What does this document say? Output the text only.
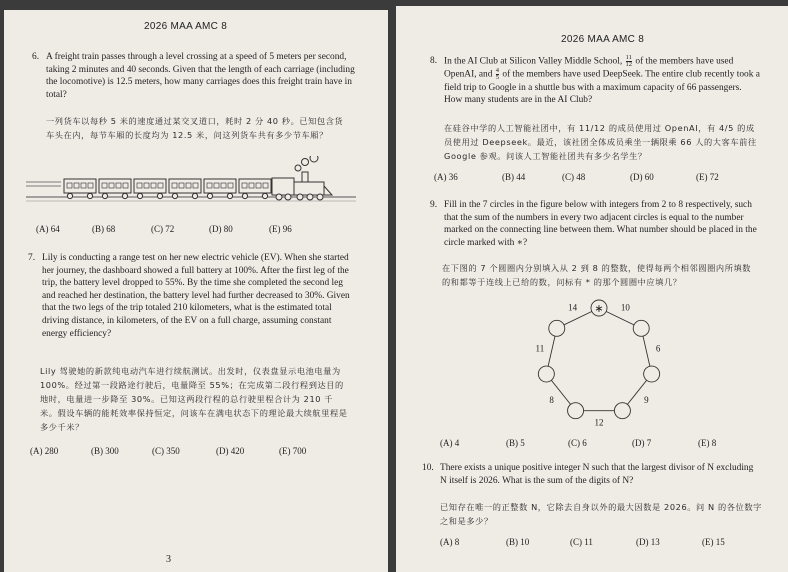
2026 MAA AMC 8
6. A freight train passes through a level crossing at a speed of 5 meters per second, taking 2 minutes and 40 seconds. Given that the length of each carriage (including the locomotive) is 12.5 meters, how many carriages does this freight train have in total?
一列货车以每秒 5 米的速度通过某交叉道口，耗时 2 分 40 秒。已知包含货车头在内，每节车厢的长度均为 12.5 米，问这列货车共有多少节车厢？
(A) 64	(B) 68	(C) 72	(D) 80	(E) 96
7. Lily is conducting a range test on her new electric vehicle (EV). When she started her journey, the dashboard showed a full battery at 100%. After the first leg of the trip, the battery level dropped to 55%. By the time she completed the second leg and reached her destination, the battery level had further decreased to 30%. Given that the two legs of the trip totaled 210 kilometers, what is the estimated total driving distance, in kilometers, of the EV on a full charge, assuming constant energy efficiency?
Lily 驾驶她的新款纯电动汽车进行续航测试。出发时，仪表盘显示电池电量为 100%。经过第一段路途行驶后，电量降至 55%；在完成第二段行程到达目的地时，电量进一步降至 30%。已知这两段行程的总行驶里程合计为 210 千米。假设车辆的能耗效率保持恒定，问该车在满电状态下的理论最大续航里程是多少千米？
(A) 280	(B) 300	(C) 350	(D) 420	(E) 700
3
2026 MAA AMC 8
8. In the AI Club at Silicon Valley Middle School, $\frac{11}{12}$ of the members have used OpenAI, and $\frac{4}{5}$ of the members have used DeepSeek. The entire club recently took a field trip to Google in a shuttle bus with a maximum capacity of 66 passengers. How many students are in the AI Club?
在硅谷中学的人工智能社团中，有 11/12 的成员使用过 OpenAI，有 4/5 的成员使用过 Deepseek。最近，该社团全体成员乘坐一辆限乘 66 人的大客车前往 Google 参观。问该人工智能社团共有多少名学生？
(A) 36	(B) 44	(C) 48	(D) 60	(E) 72
9. Fill in the 7 circles in the figure below with integers from 2 to 8 respectively, such that the sum of the numbers in every two adjacent circles is equal to the number marked on the connecting line between them. What number should be placed in the circle marked with ∗?
在下图的 7 个圆圈内分别填入从 2 到 8 的整数，使得每两个相邻圆圈内所填数的和都等于连线上已给的数，问标有 * 的那个圆圈中应填几？
∗
14	10
6
9
12
8
11
(A) 4	(B) 5	(C) 6	(D) 7	(E) 8
10. There exists a unique positive integer N such that the largest divisor of N excluding N itself is 2026. What is the sum of the digits of N?
已知存在唯一的正整数 N，它除去自身以外的最大因数是 2026。问 N 的各位数字之和是多少？
(A) 8	(B) 10	(C) 11	(D) 13	(E) 15
